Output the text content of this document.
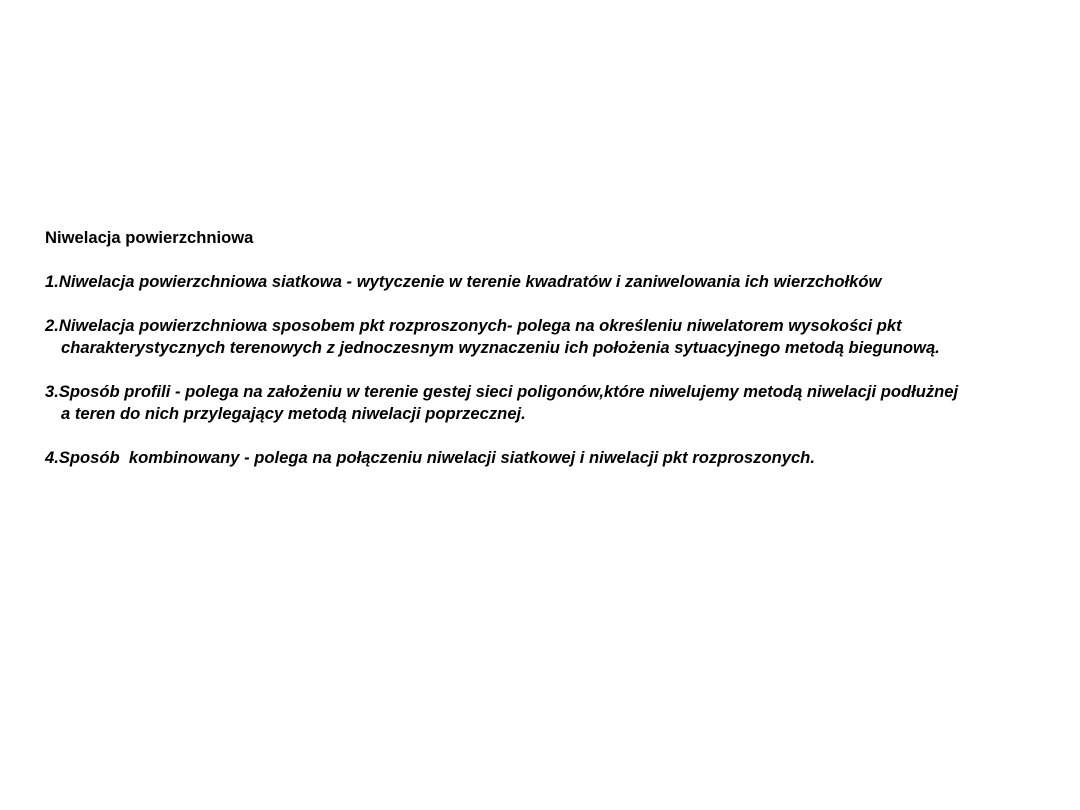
Niwelacja powierzchniowa
1.Niwelacja powierzchniowa siatkowa - wytyczenie w terenie kwadratów i zaniwelowania ich wierzchołków
2.Niwelacja powierzchniowa sposobem pkt rozproszonych- polega na określeniu niwelatorem wysokości pkt
charakterystycznych terenowych z jednoczesnym wyznaczeniu ich położenia sytuacyjnego metodą biegunową.
3.Sposób profili - polega na założeniu w terenie gestej sieci poligonów,które niwelujemy metodą niwelacji podłużnej
a teren do nich przylegający metodą niwelacji poprzecznej.
4.Sposób  kombinowany - polega na połączeniu niwelacji siatkowej i niwelacji pkt rozproszonych.
